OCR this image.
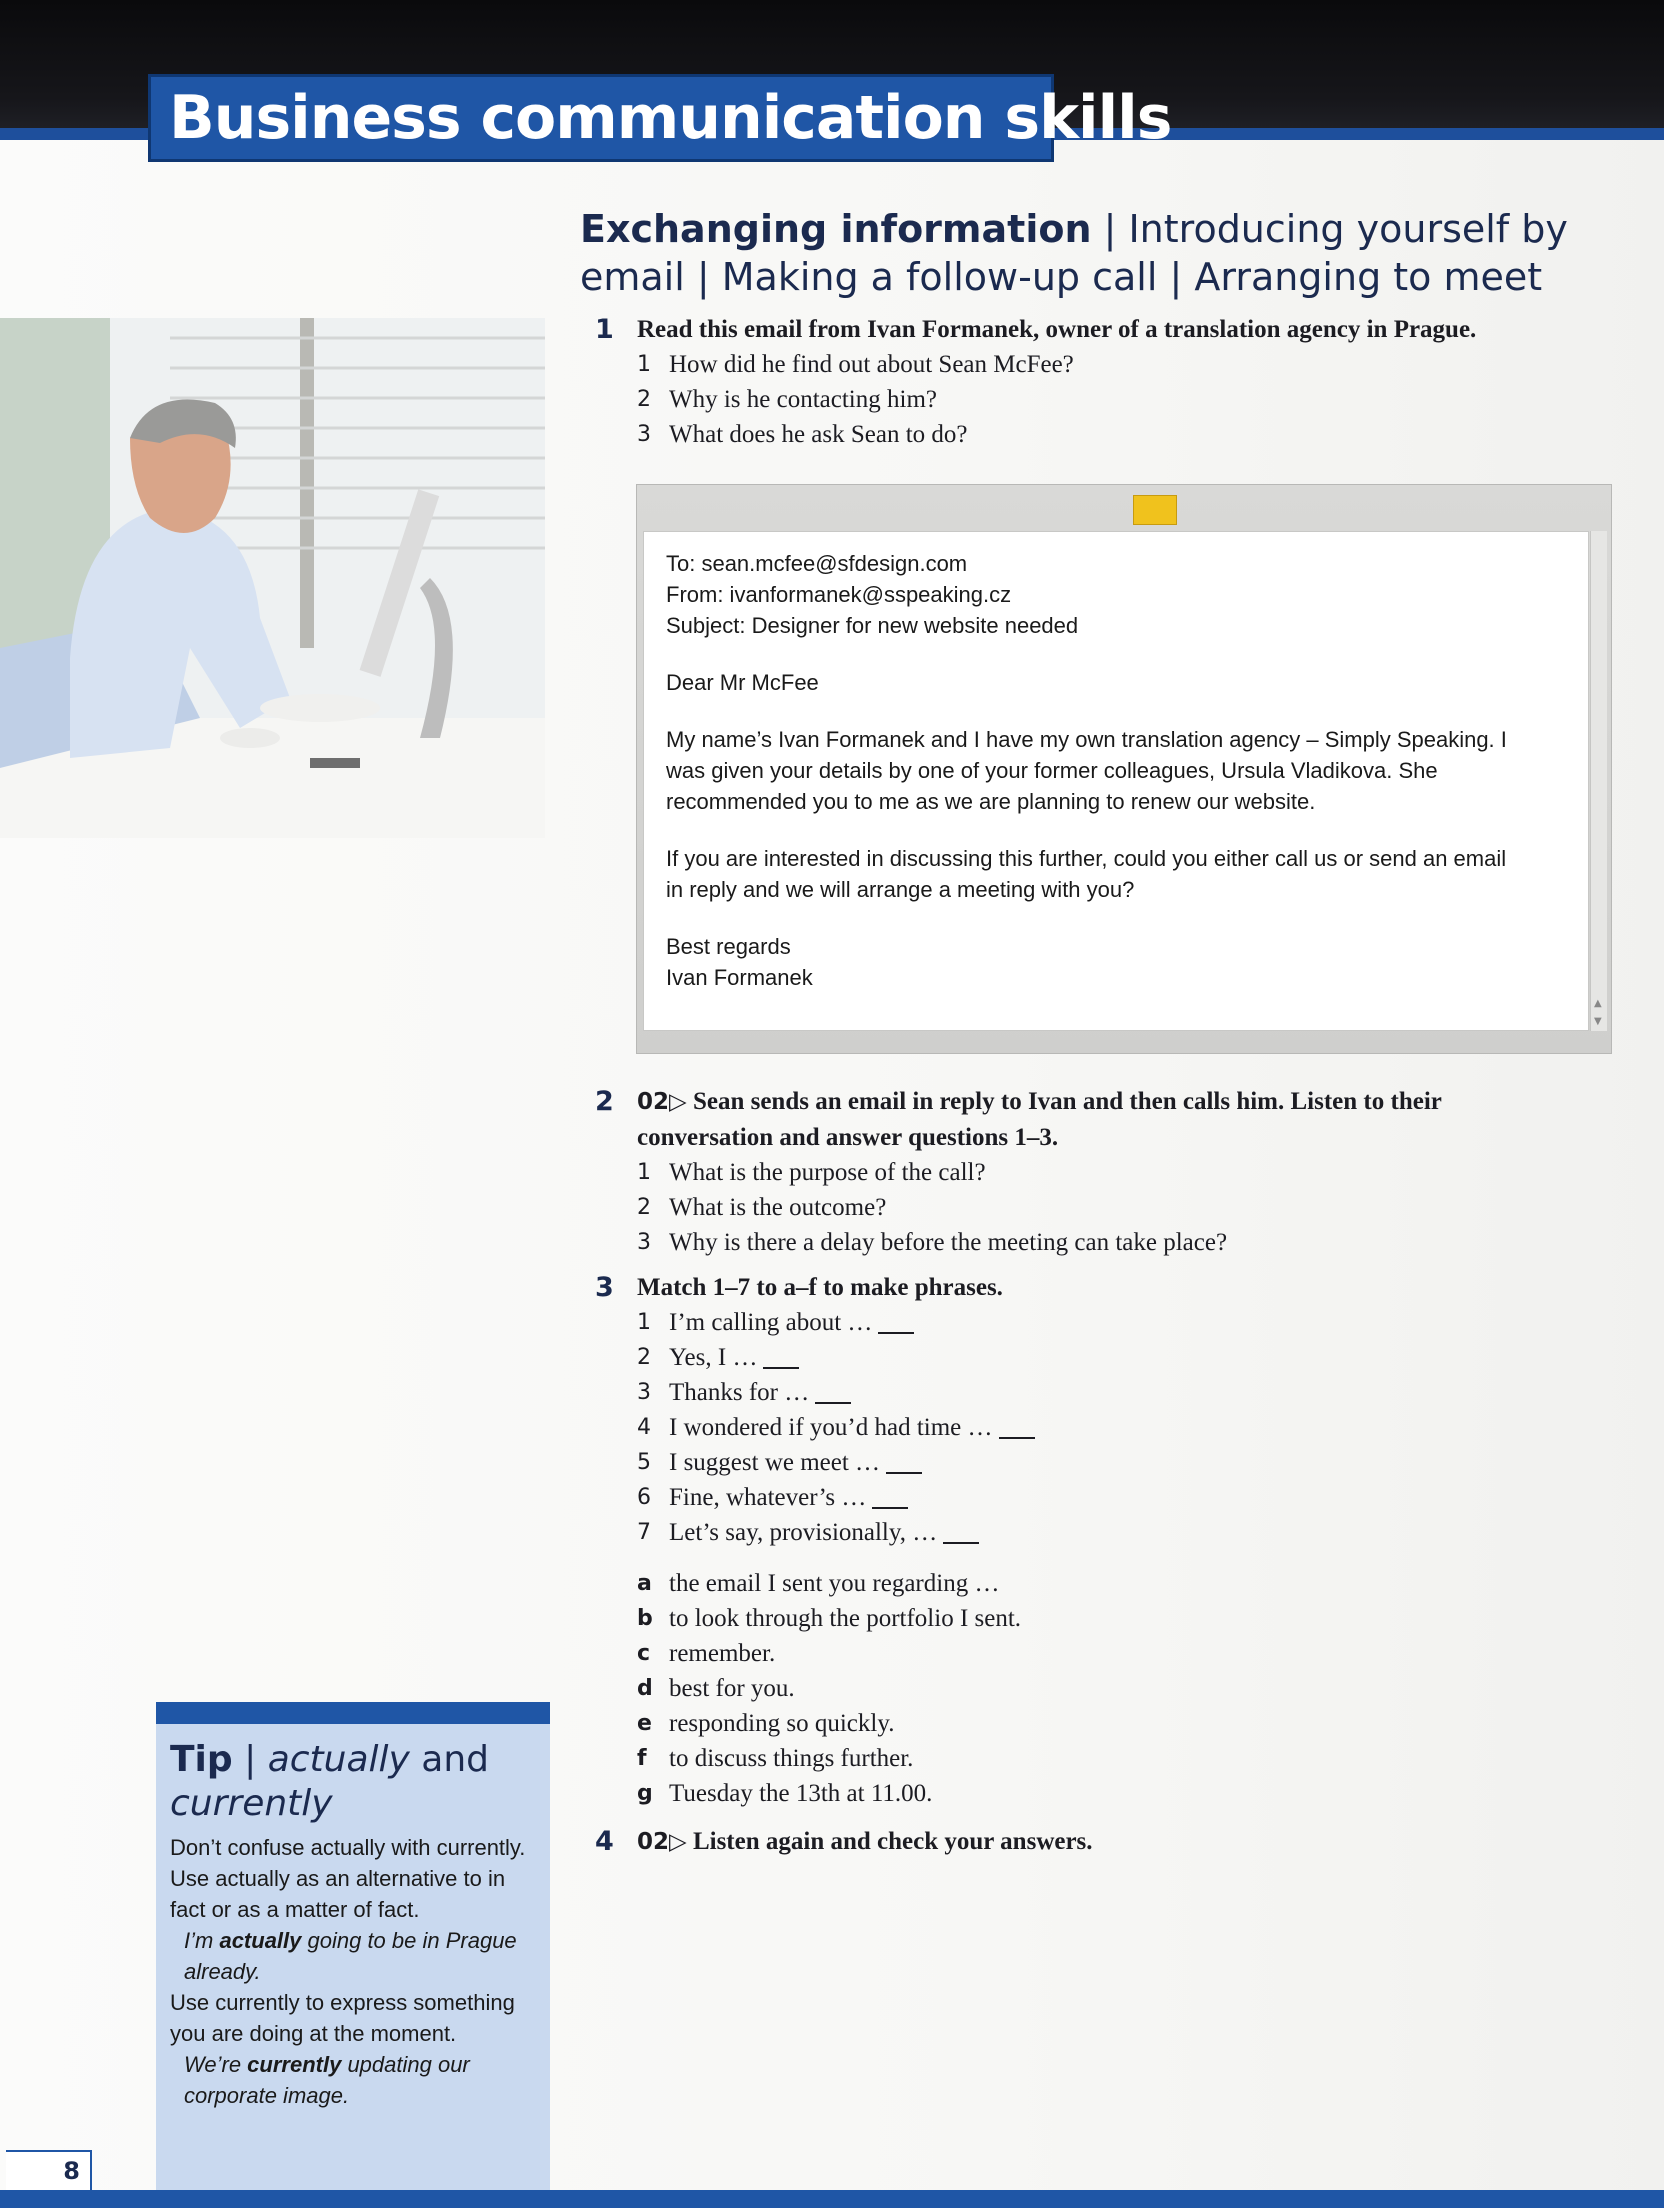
Business communication skills
Exchanging information | Introducing yourself by email | Making a follow-up call | Arranging to meet
1 Read this email from Ivan Formanek, owner of a translation agency in Prague.
1 How did he find out about Sean McFee?
2 Why is he contacting him?
3 What does he ask Sean to do?
To: sean.mcfee@sfdesign.com
From: ivanformanek@sspeaking.cz
Subject: Designer for new website needed
Dear Mr McFee
My name’s Ivan Formanek and I have my own translation agency – Simply Speaking. I was given your details by one of your former colleagues, Ursula Vladikova. She recommended you to me as we are planning to renew our website.
If you are interested in discussing this further, could you either call us or send an email in reply and we will arrange a meeting with you?
Best regards
Ivan Formanek
▲
▼
2 02▷ Sean sends an email in reply to Ivan and then calls him. Listen to their conversation and answer questions 1–3.
1 What is the purpose of the call?
2 What is the outcome?
3 Why is there a delay before the meeting can take place?
3 Match 1–7 to a–f to make phrases.
1 I’m calling about …
2 Yes, I …
3 Thanks for …
4 I wondered if you’d had time …
5 I suggest we meet …
6 Fine, whatever’s …
7 Let’s say, provisionally, …
a the email I sent you regarding …
b to look through the portfolio I sent.
c remember.
d best for you.
e responding so quickly.
f to discuss things further.
g Tuesday the 13th at 11.00.
4 02▷ Listen again and check your answers.
Tip | actually and currently
Don’t confuse actually with currently. Use actually as an alternative to in fact or as a matter of fact.
I’m actually going to be in Prague already.
Use currently to express something you are doing at the moment.
We’re currently updating our corporate image.
8
